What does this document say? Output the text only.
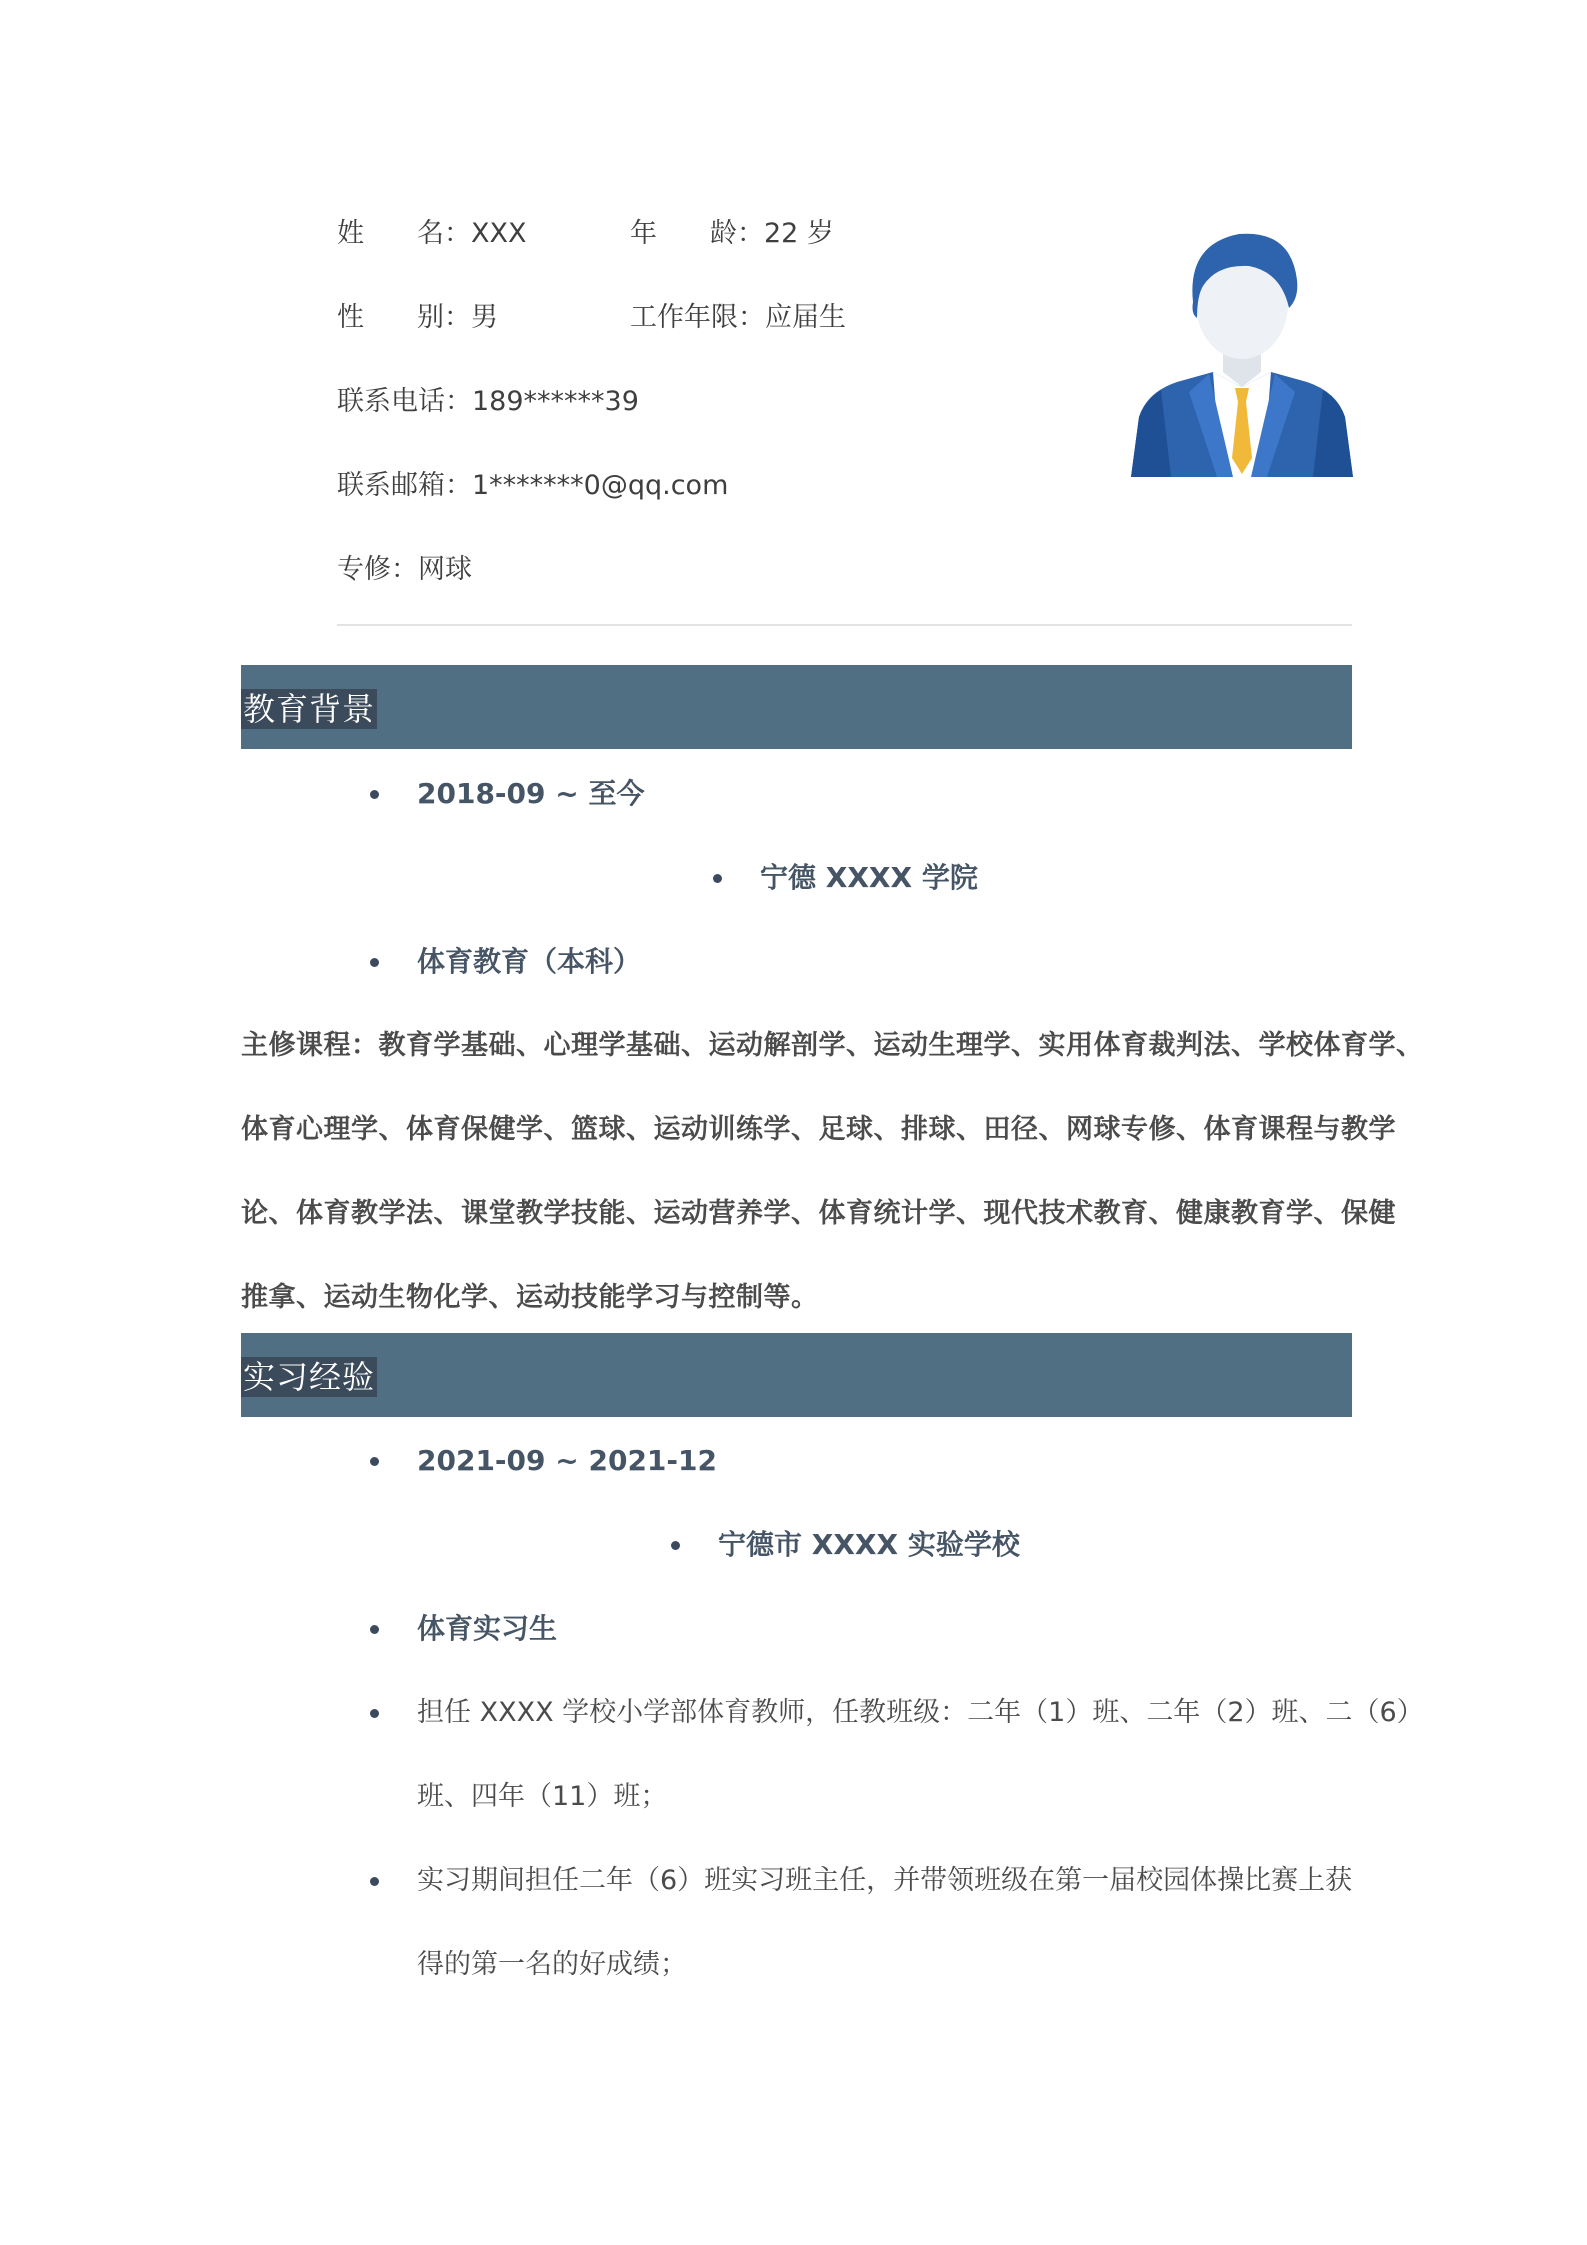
姓 名：XXX	年 龄：22 岁
性 别：男	工作年限：应届生
联系电话：189******39
联系邮箱：1*******0@qq.com
专修：网球
教育背景
2018-09 ~ 至今
宁德 XXXX 学院
体育教育（本科）
主修课程：教育学基础、心理学基础、运动解剖学、运动生理学、实用体育裁判法、学校体育学、
体育心理学、体育保健学、篮球、运动训练学、足球、排球、田径、网球专修、体育课程与教学
论、体育教学法、课堂教学技能、运动营养学、体育统计学、现代技术教育、健康教育学、保健
推拿、运动生物化学、运动技能学习与控制等。
实习经验
2021-09 ~ 2021-12
宁德市 XXXX 实验学校
体育实习生
担任 XXXX 学校小学部体育教师，任教班级：二年（1）班、二年（2）班、二（6）
班、四年（11）班；
实习期间担任二年（6）班实习班主任，并带领班级在第一届校园体操比赛上获
得的第一名的好成绩；
